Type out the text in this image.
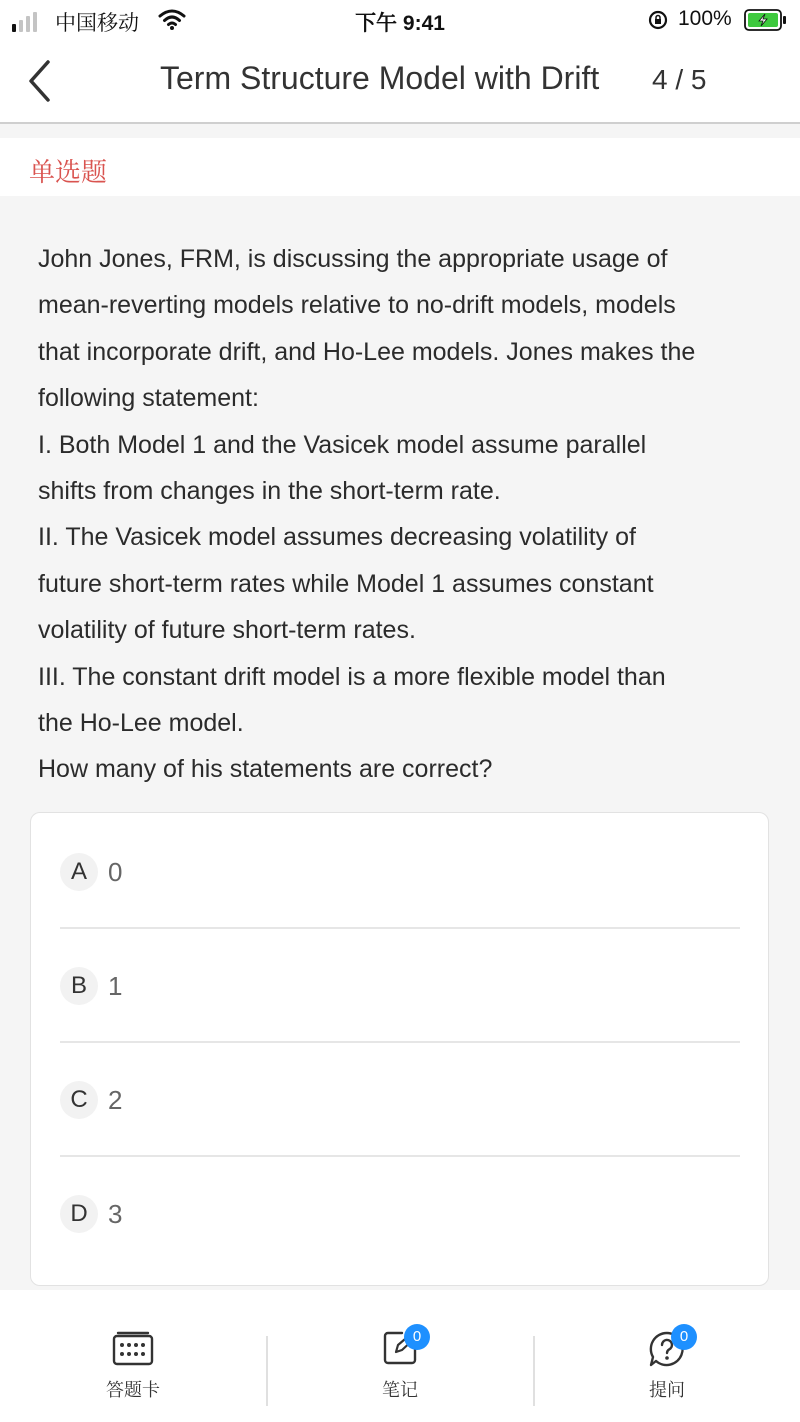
中国移动	下午 9:41	100%
Term Structure Model with Drift 4 / 5
单选题
John Jones, FRM, is discussing the appropriate usage of
mean-reverting models relative to no-drift models, models
that incorporate drift, and Ho-Lee models. Jones makes the
following statement:
I. Both Model 1 and the Vasicek model assume parallel
shifts from changes in the short-term rate.
II. The Vasicek model assumes decreasing volatility of
future short-term rates while Model 1 assumes constant
volatility of future short-term rates.
III. The constant drift model is a more flexible model than
the Ho-Lee model.
How many of his statements are correct?
A 0
B 1
C 2
D 3
答题卡
0
笔记
0
提问
